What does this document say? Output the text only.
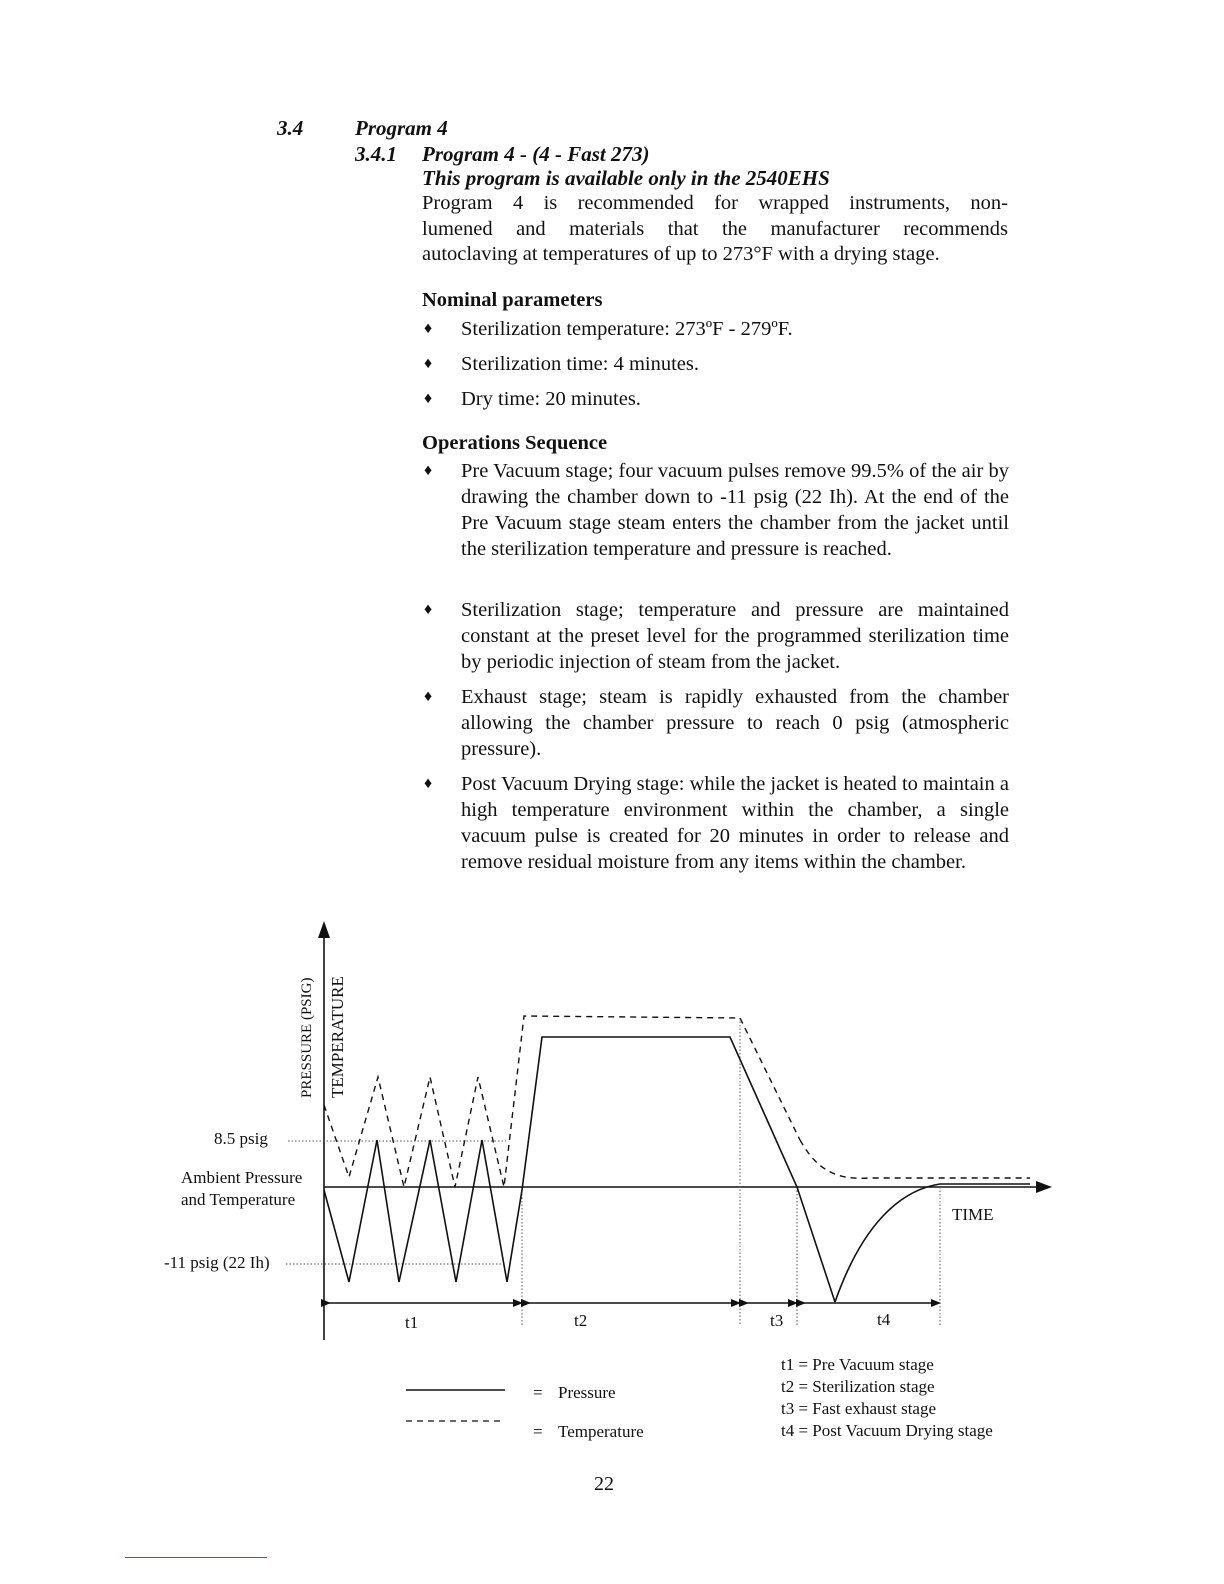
3.4 Program 4
3.4.1 Program 4 - (4 - Fast 273)
This program is available only in the 2540EHS
Program 4 is recommended for wrapped instruments, non-
lumened and materials that the manufacturer recommends
autoclaving at temperatures of up to 273°F with a drying stage.
Nominal parameters
♦ Sterilization temperature: 273ºF - 279ºF.
♦ Sterilization time: 4 minutes.
♦ Dry time: 20 minutes.
Operations Sequence
♦ Pre Vacuum stage; four vacuum pulses remove 99.5% of the air by drawing the chamber down to -11 psig (22 Ih). At the end of the Pre Vacuum stage steam enters the chamber from the jacket until the sterilization temperature and pressure is reached.
♦ Sterilization stage; temperature and pressure are maintained constant at the preset level for the programmed sterilization time by periodic injection of steam from the jacket.
♦ Exhaust stage; steam is rapidly exhausted from the chamber allowing the chamber pressure to reach 0 psig (atmospheric pressure).
♦ Post Vacuum Drying stage: while the jacket is heated to maintain a high temperature environment within the chamber, a single vacuum pulse is created for 20 minutes in order to release and remove residual moisture from any items within the chamber.
PRESSURE (PSIG) TEMPERATURE
8.5 psig
Ambient Pressure
and Temperature
-11 psig (22 Ih)
TIME
t1	t2	t3	t4
= Pressure
= Temperature
t1 = Pre Vacuum stage
t2 = Sterilization stage
t3 = Fast exhaust stage
t4 = Post Vacuum Drying stage
22
